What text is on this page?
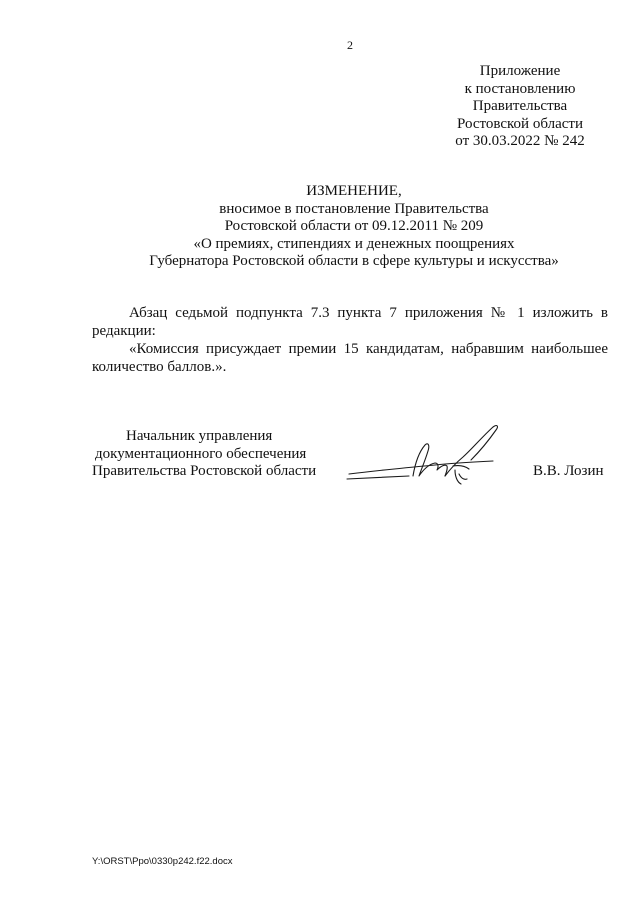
2
Приложение
к постановлению
Правительства
Ростовской области
от 30.03.2022 № 242
ИЗМЕНЕНИЕ,
вносимое в постановление Правительства
Ростовской области от 09.12.2011 № 209
«О премиях, стипендиях и денежных поощрениях
Губернатора Ростовской области в сфере культуры и искусства»
Абзац седьмой подпункта 7.3 пункта 7 приложения № 1 изложить в редакции:
«Комиссия присуждает премии 15 кандидатам, набравшим наибольшее количество баллов.».
Начальник управления
документационного обеспечения
Правительства Ростовской области	В.В. Лозин
Y:\ORST\Ppo\0330p242.f22.docx
